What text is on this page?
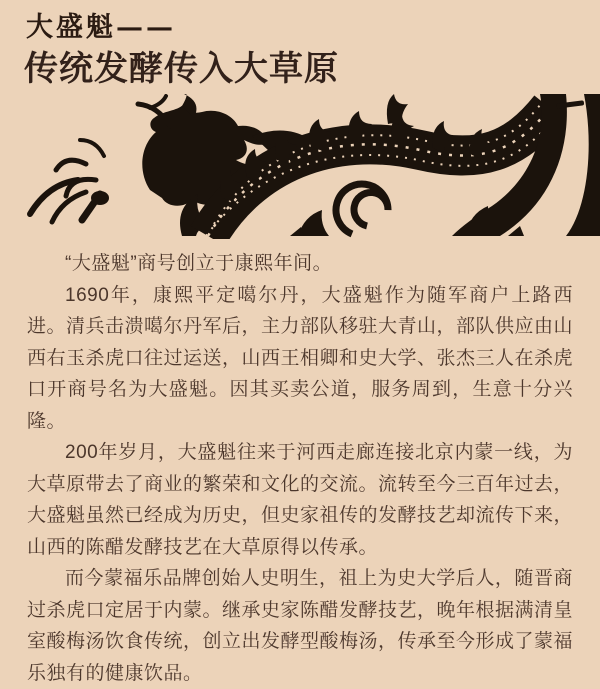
大盛魁——
传统发酵传入大草原

“大盛魁”商号创立于康熙年间。

1690年，康熙平定噶尔丹，大盛魁作为随军商户上路西进。清兵击溃噶尔丹军后，主力部队移驻大青山，部队供应由山西右玉杀虎口往过运送，山西王相卿和史大学、张杰三人在杀虎口开商号名为大盛魁。因其买卖公道，服务周到，生意十分兴隆。

200年岁月，大盛魁往来于河西走廊连接北京内蒙一线，为大草原带去了商业的繁荣和文化的交流。流转至今三百年过去，大盛魁虽然已经成为历史，但史家祖传的发酵技艺却流传下来，山西的陈醋发酵技艺在大草原得以传承。

而今蒙福乐品牌创始人史明生，祖上为史大学后人，随晋商过杀虎口定居于内蒙。继承史家陈醋发酵技艺，晚年根据满清皇室酸梅汤饮食传统，创立出发酵型酸梅汤，传承至今形成了蒙福乐独有的健康饮品。
